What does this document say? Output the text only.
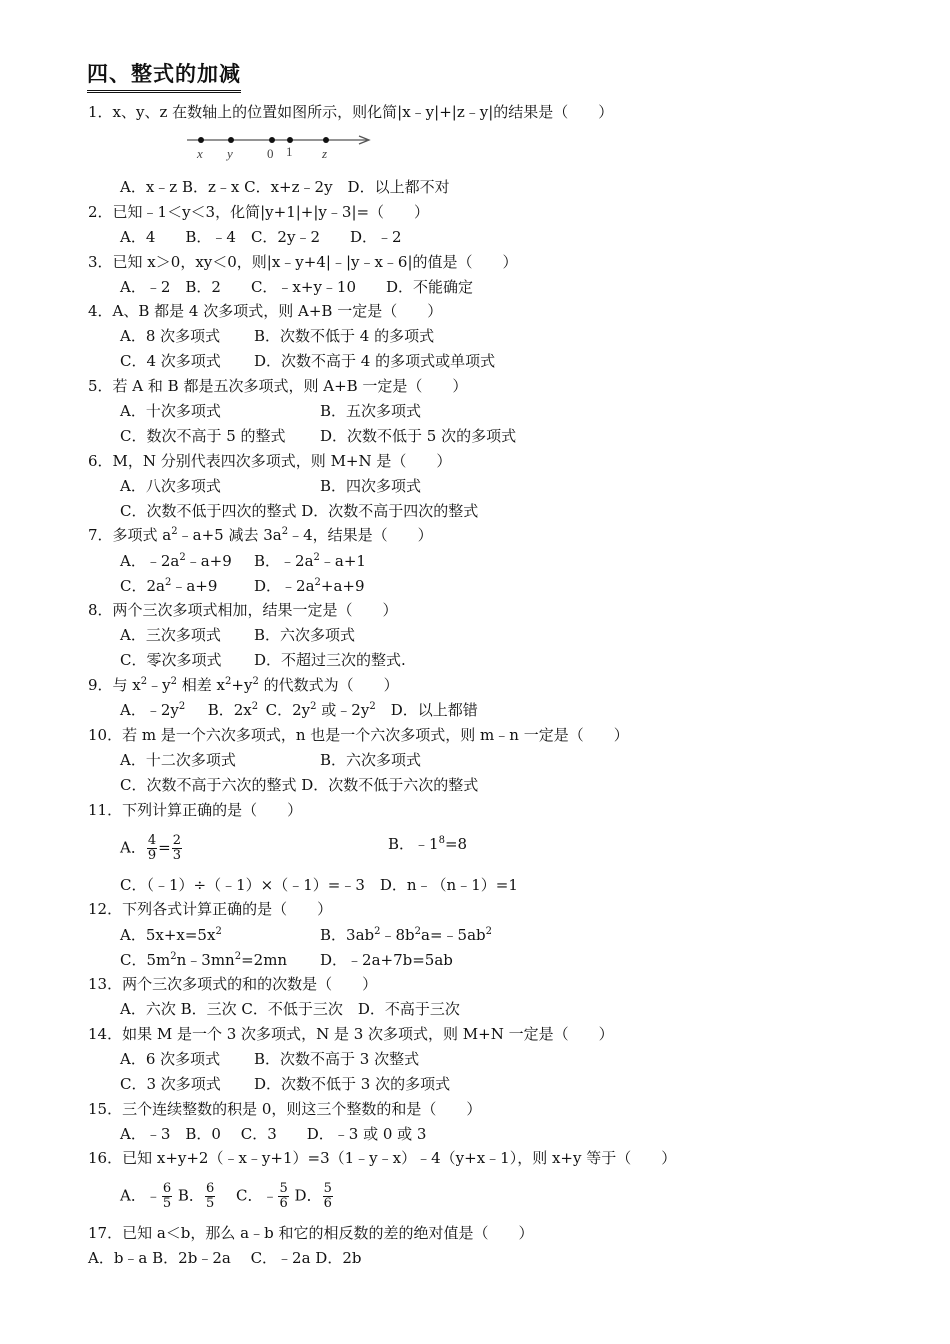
四、整式的加减
1．x、y、z 在数轴上的位置如图所示，则化简|x﹣y|+|z﹣y|的结果是（　　）
x y	0 1 z
A．x﹣z B．z﹣x C．x+z﹣2y　D．以上都不对
2．已知﹣1＜y＜3，化简|y+1|+|y﹣3|=（　　）
A．4　　B．﹣4　C．2y﹣2　　D．﹣2
3．已知 x＞0，xy＜0，则|x﹣y+4|﹣|y﹣x﹣6|的值是（　　）
A．﹣2　B．2　　C．﹣x+y﹣10　　D．不能确定
4．A、B 都是 4 次多项式，则 A+B 一定是（　　）
A．8 次多项式 B．次数不低于 4 的多项式
C．4 次多项式 D．次数不高于 4 的多项式或单项式
5．若 A 和 B 都是五次多项式，则 A+B 一定是（　　）
A．十次多项式	B．五次多项式
C．数次不高于 5 的整式 D．次数不低于 5 次的多项式
6．M，N 分别代表四次多项式，则 M+N 是（　　）
A．八次多项式	B．四次多项式
C．次数不低于四次的整式 D．次数不高于四次的整式
7．多项式 $a^2﹣a+5$ 减去 $3a^2﹣4$，结果是（　　）
A．$﹣2a^2﹣a+9$ B．$﹣2a^2﹣a+1$
C．$2a^2﹣a+9$ D．$﹣2a^2+a+9$
8．两个三次多项式相加，结果一定是（　　）
A．三次多项式 B．六次多项式
C．零次多项式 D．不超过三次的整式.
9．与 $x^2﹣y^2$ 相差 $x^2+y^2$ 的代数式为（　　）
A．$﹣2y^2$   B．$2x^2$  C．$2y^2$ 或$﹣2y^2$  D．以上都错
10．若 m 是一个六次多项式，n 也是一个六次多项式，则 m﹣n 一定是（　　）
A．十二次多项式	B．六次多项式
C．次数不高于六次的整式 D．次数不低于六次的整式
11．下列计算正确的是（　　）
A． $\frac{4}{9} = \frac{2}{3}$	B．$﹣1^8=8$
C．（﹣1）÷（﹣1）×（﹣1）=﹣3　D．n﹣（n﹣1）=1
12．下列各式计算正确的是（　　）
A．$5x+x=5x^2$	B．$3ab^2﹣8b^2a=﹣5ab^2$
C．$5m^2n﹣3mn^2=2mn$ D．﹣2a+7b=5ab
13．两个三次多项式的和的次数是（　　）
A．六次 B．三次 C．不低于三次　D．不高于三次
14．如果 M 是一个 3 次多项式，N 是 3 次多项式，则 M+N 一定是（　　）
A．6 次多项式 B．次数不高于 3 次整式
C．3 次多项式 D．次数不低于 3 次的多项式
15．三个连续整数的积是 0，则这三个整数的和是（　　）
A．﹣3　B．0　 C．3　　D．﹣3 或 0 或 3
16．已知 x+y+2（﹣x﹣y+1）=3（1﹣y﹣x）﹣4（y+x﹣1），则 x+y 等于（　　）
A．﹣ $\frac{6}{5}$ B． $\frac{6}{5}$
  C．﹣ $\frac{5}{6}$ D． $\frac{5}{6}$
17．已知 a＜b，那么 a﹣b 和它的相反数的差的绝对值是（　　）
A．b﹣a B．2b﹣2a　 C．﹣2a D．2b
